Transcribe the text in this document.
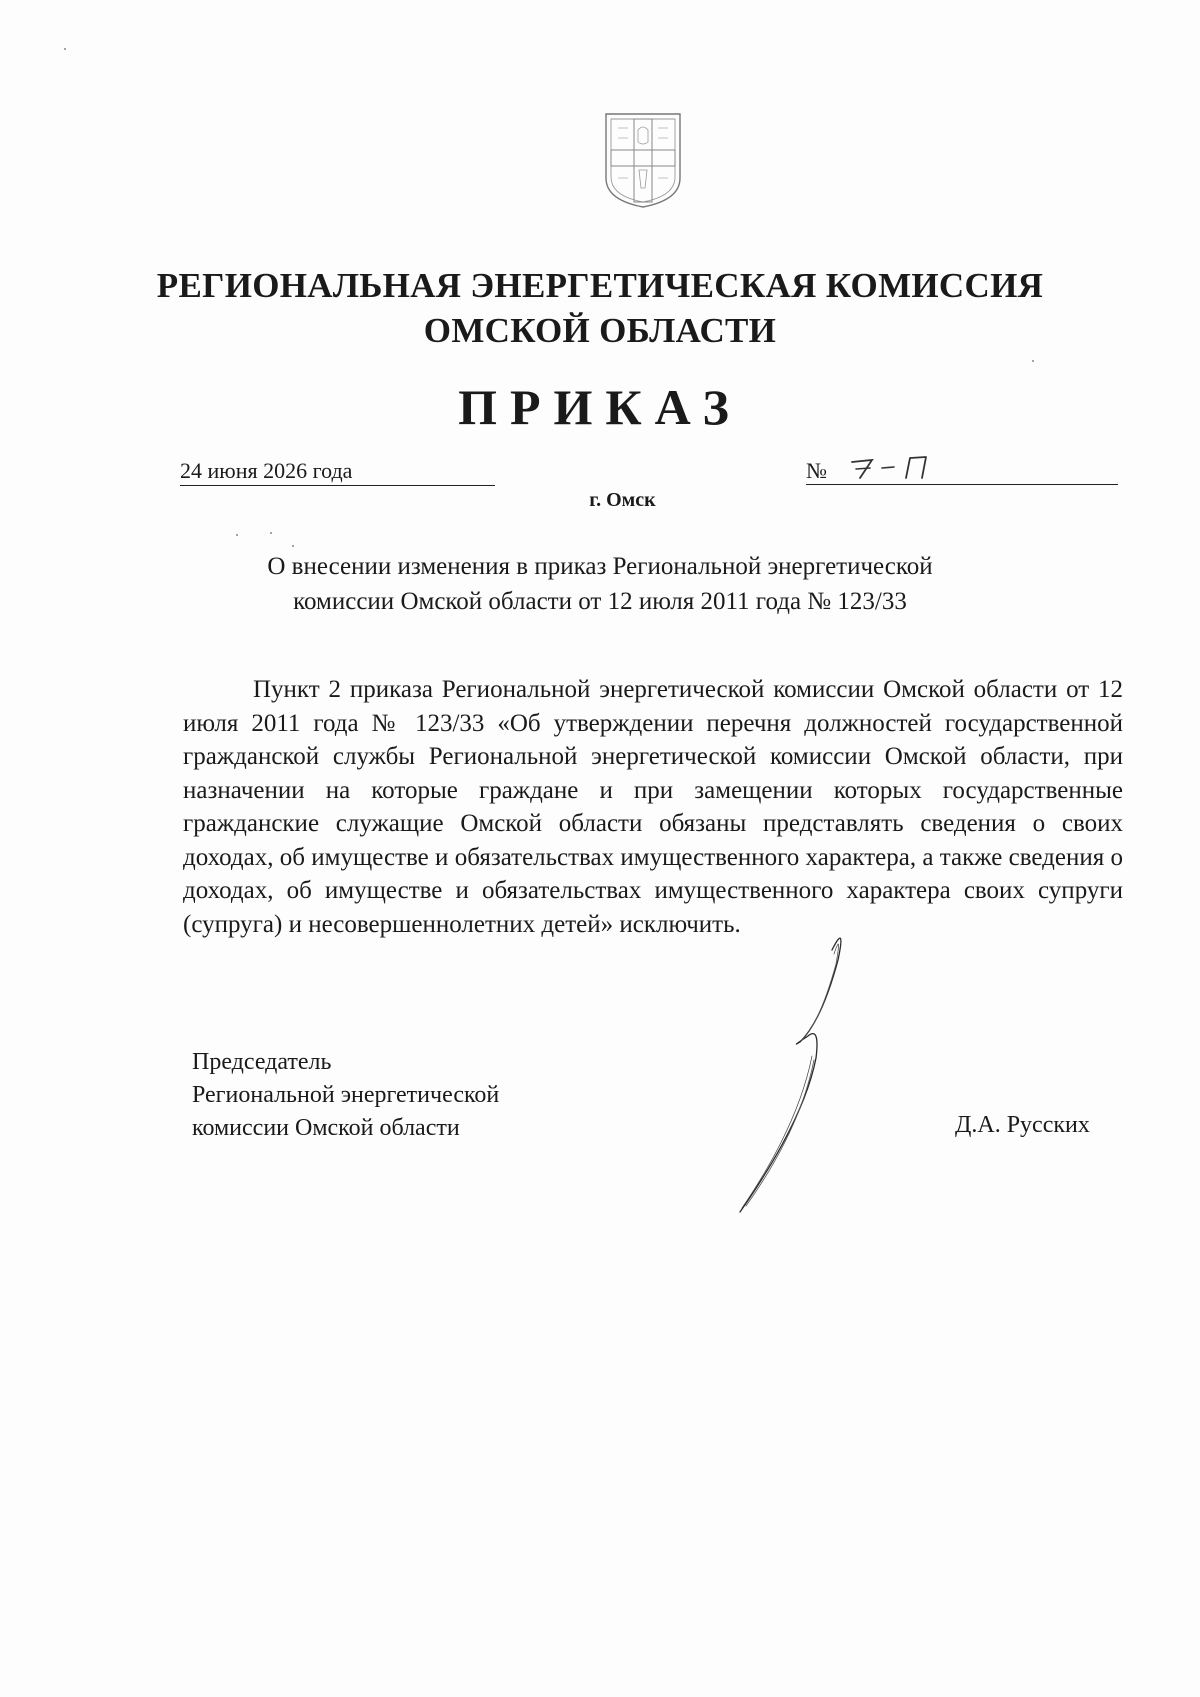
РЕГИОНАЛЬНАЯ ЭНЕРГЕТИЧЕСКАЯ КОМИССИЯ
ОМСКОЙ ОБЛАСТИ
ПРИКАЗ
24 июня 2026 года	№
г. Омск
О внесении изменения в приказ Региональной энергетической
комиссии Омской области от 12 июля 2011 года № 123/33

Пункт 2 приказа Региональной энергетической комиссии Омской области от 12 июля 2011 года № 123/33 «Об утверждении перечня должностей государственной гражданской службы Региональной энергетической комиссии Омской области, при назначении на которые граждане и при замещении которых государственные гражданские служащие Омской области обязаны представлять сведения о своих доходах, об имуществе и обязательствах имущественного характера, а также сведения о доходах, об имуществе и обязательствах имущественного характера своих супруги (супруга) и несовершеннолетних детей» исключить.

Председатель
Региональной энергетической
комиссии Омской области	Д.А. Русских
